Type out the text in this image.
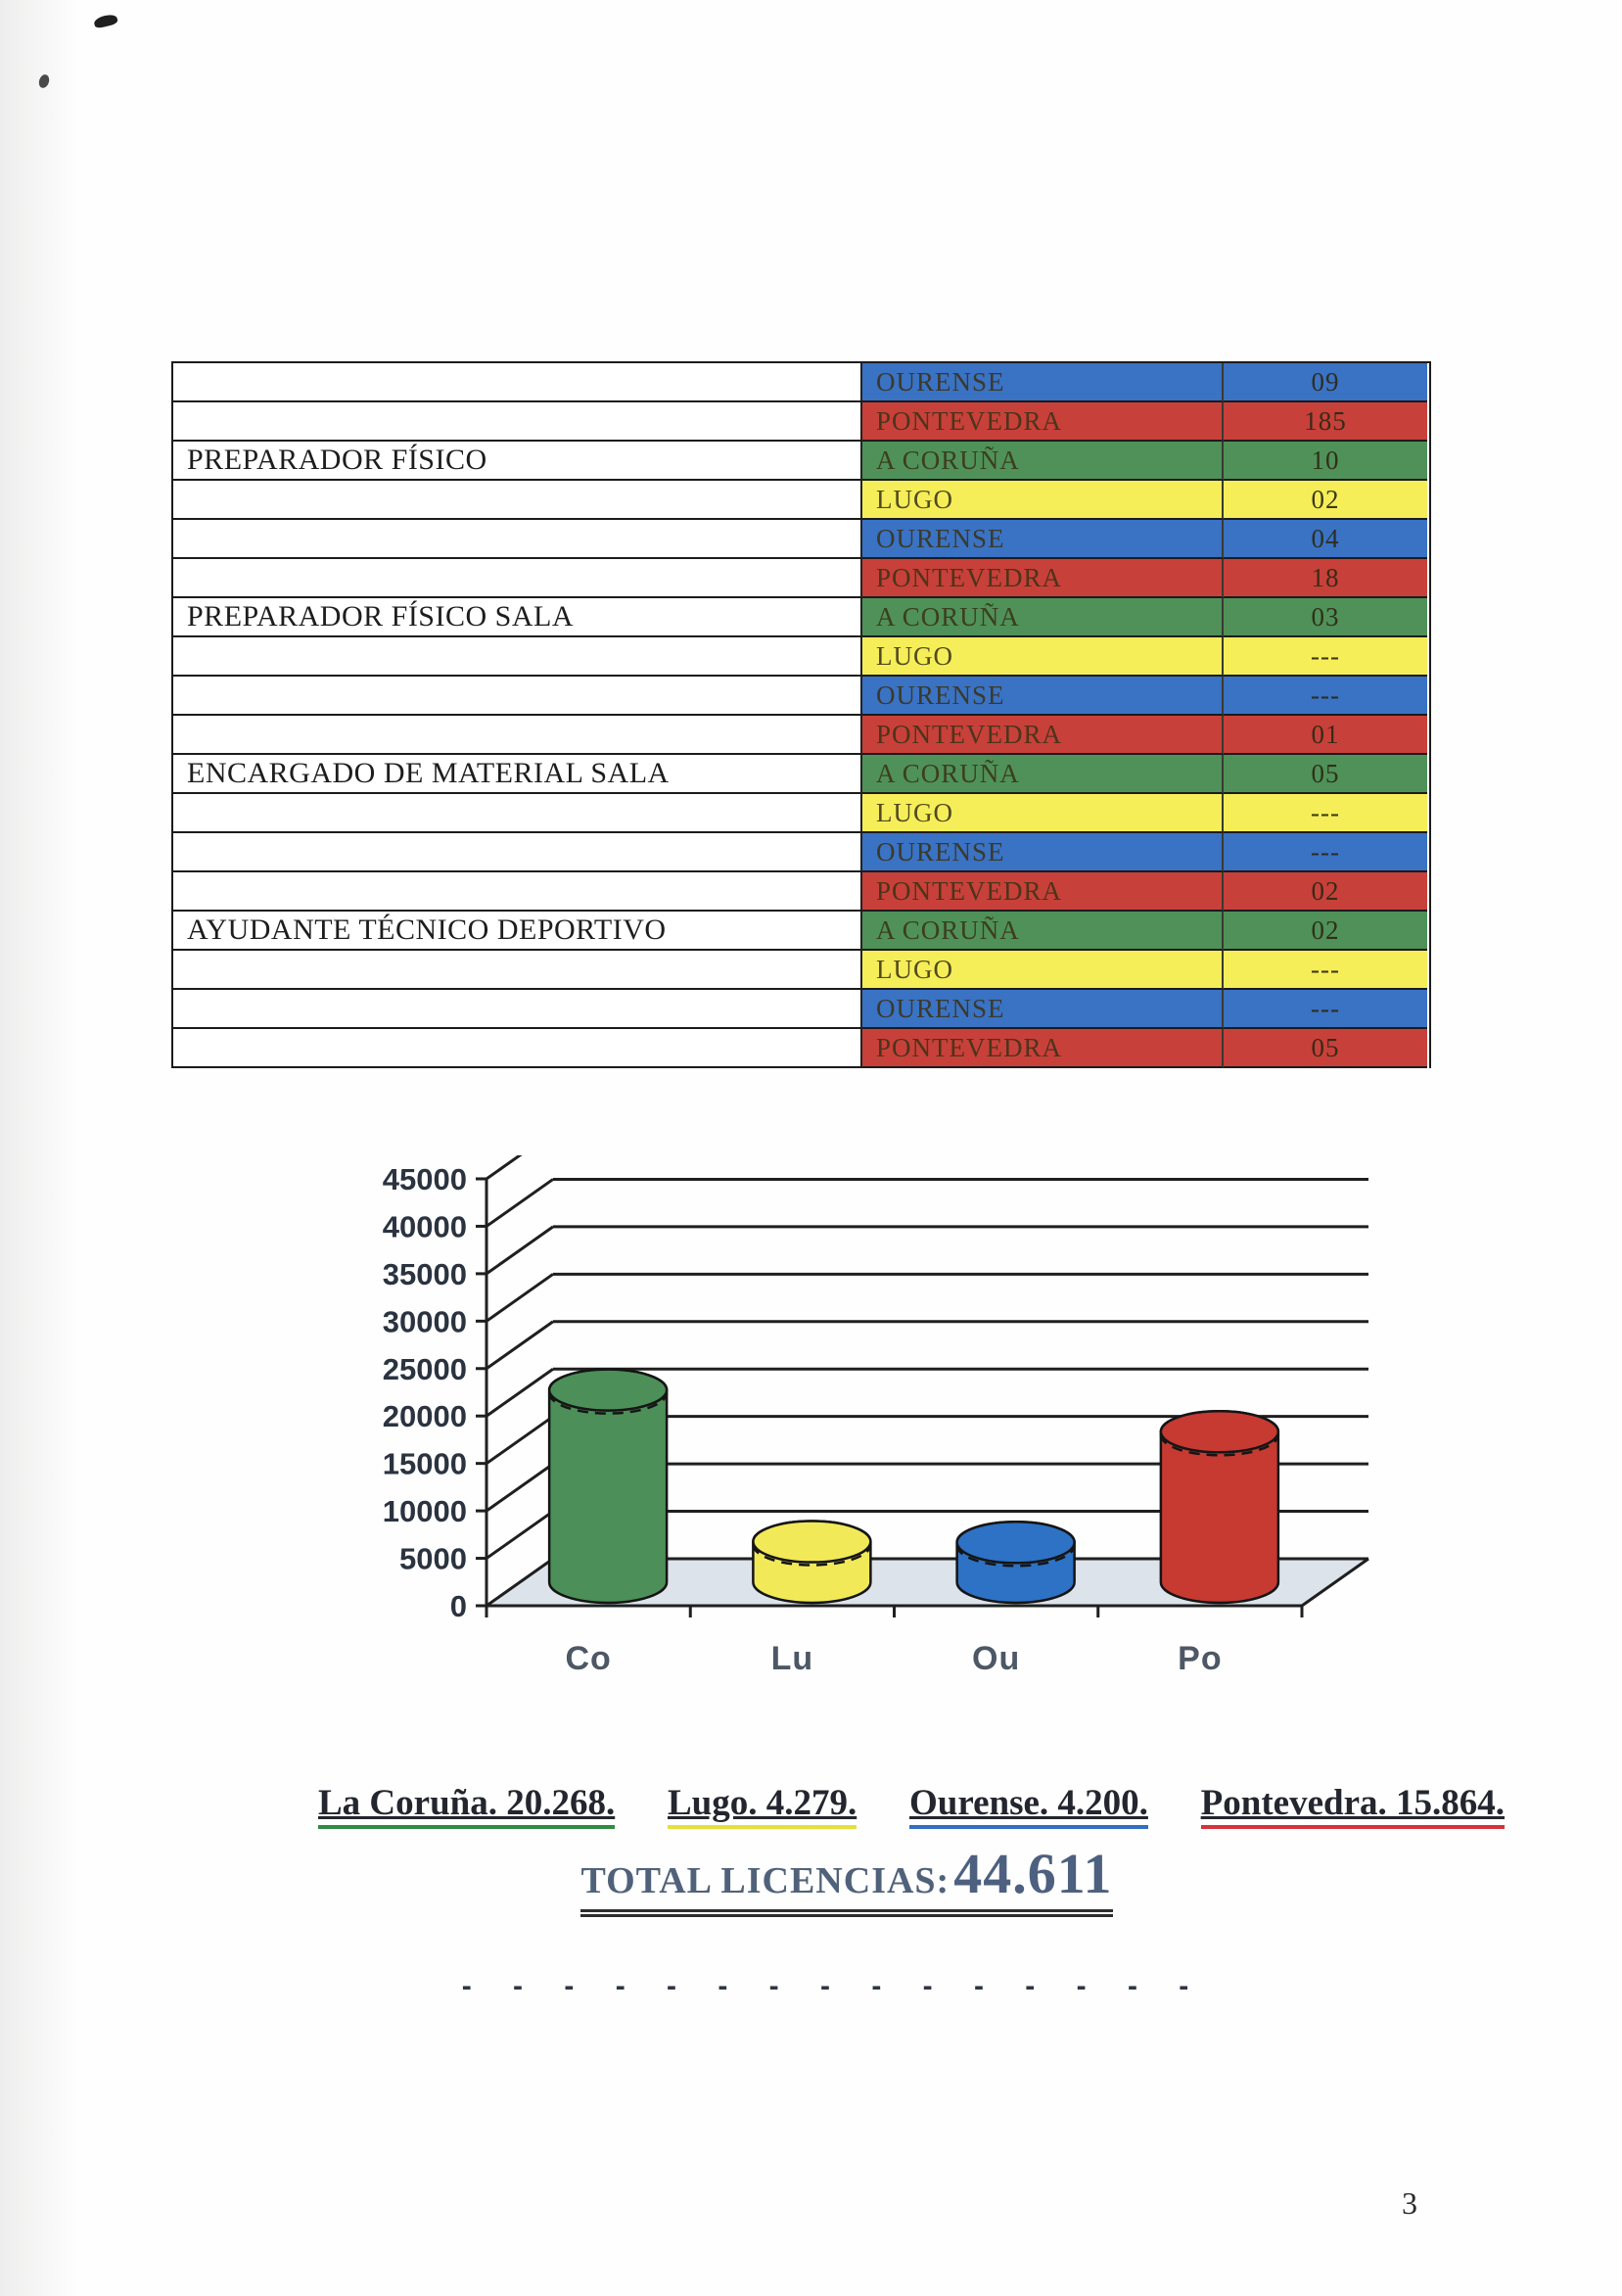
OURENSE	09
PONTEVEDRA	185
PREPARADOR FÍSICO	A CORUÑA	10
LUGO	02
OURENSE	04
PONTEVEDRA	18
PREPARADOR FÍSICO SALA	A CORUÑA	03
LUGO	---
OURENSE	---
PONTEVEDRA	01
ENCARGADO DE MATERIAL SALA	A CORUÑA	05
LUGO	---
OURENSE	---
PONTEVEDRA	02
AYUDANTE TÉCNICO DEPORTIVO	A CORUÑA	02
LUGO	---
OURENSE	---
PONTEVEDRA	05
0
5000
10000
15000
20000
25000
30000
35000
40000
45000
Co	Lu	Ou	Po
La Coruña. 20.268. Lugo. 4.279. Ourense. 4.200. Pontevedra. 15.864.
TOTAL LICENCIAS: 44.611
- - - - - - - - - - - - - - -
3
